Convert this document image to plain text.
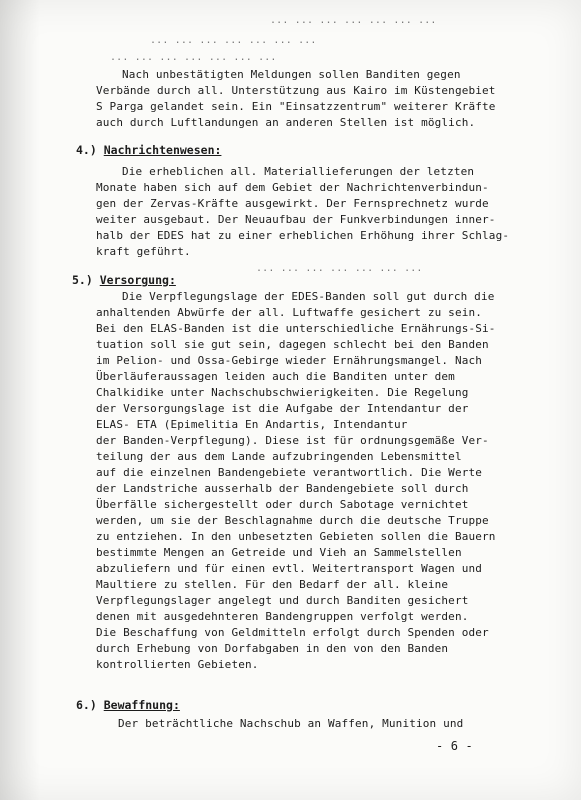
... ... ... ... ... ... ...
... ... ... ... ... ... ...
... ... ... ... ... ... ...
Nach unbestätigten Meldungen sollen Banditen gegen
Verbände durch all. Unterstützung aus Kairo im Küstengebiet
S Parga gelandet sein. Ein "Einsatzzentrum" weiterer Kräfte
auch durch Luftlandungen an anderen Stellen ist möglich.
4.) Nachrichtenwesen:
Die erheblichen all. Materiallieferungen der letzten
Monate haben sich auf dem Gebiet der Nachrichtenverbindun-
gen der Zervas-Kräfte ausgewirkt. Der Fernsprechnetz wurde
weiter ausgebaut. Der Neuaufbau der Funkverbindungen inner-
halb der EDES hat zu einer erheblichen Erhöhung ihrer Schlag-
kraft geführt.
... ... ... ... ... ... ...
5.) Versorgung:
Die Verpflegungslage der EDES-Banden soll gut durch die
anhaltenden Abwürfe der all. Luftwaffe gesichert zu sein.
Bei den ELAS-Banden ist die unterschiedliche Ernährungs-Si-
tuation soll sie gut sein, dagegen schlecht bei den Banden
im Pelion- und Ossa-Gebirge wieder Ernährungsmangel. Nach
Überläuferaussagen leiden auch die Banditen unter dem
Chalkidike unter Nachschubschwierigkeiten. Die Regelung
der Versorgungslage ist die Aufgabe der Intendantur der
ELAS- ETA (Epimelitia En Andartis, Intendantur
der Banden-Verpflegung). Diese ist für ordnungsgemäße Ver-
teilung der aus dem Lande aufzubringenden Lebensmittel
auf die einzelnen Bandengebiete verantwortlich. Die Werte
der Landstriche ausserhalb der Bandengebiete soll durch
Überfälle sichergestellt oder durch Sabotage vernichtet
werden, um sie der Beschlagnahme durch die deutsche Truppe
zu entziehen. In den unbesetzten Gebieten sollen die Bauern
bestimmte Mengen an Getreide und Vieh an Sammelstellen
abzuliefern und für einen evtl. Weitertransport Wagen und
Maultiere zu stellen. Für den Bedarf der all. kleine
Verpflegungslager angelegt und durch Banditen gesichert
denen mit ausgedehnteren Bandengruppen verfolgt werden.
Die Beschaffung von Geldmitteln erfolgt durch Spenden oder
durch Erhebung von Dorfabgaben in den von den Banden
kontrollierten Gebieten.
6.) Bewaffnung:
Der beträchtliche Nachschub an Waffen, Munition und
- 6 -
